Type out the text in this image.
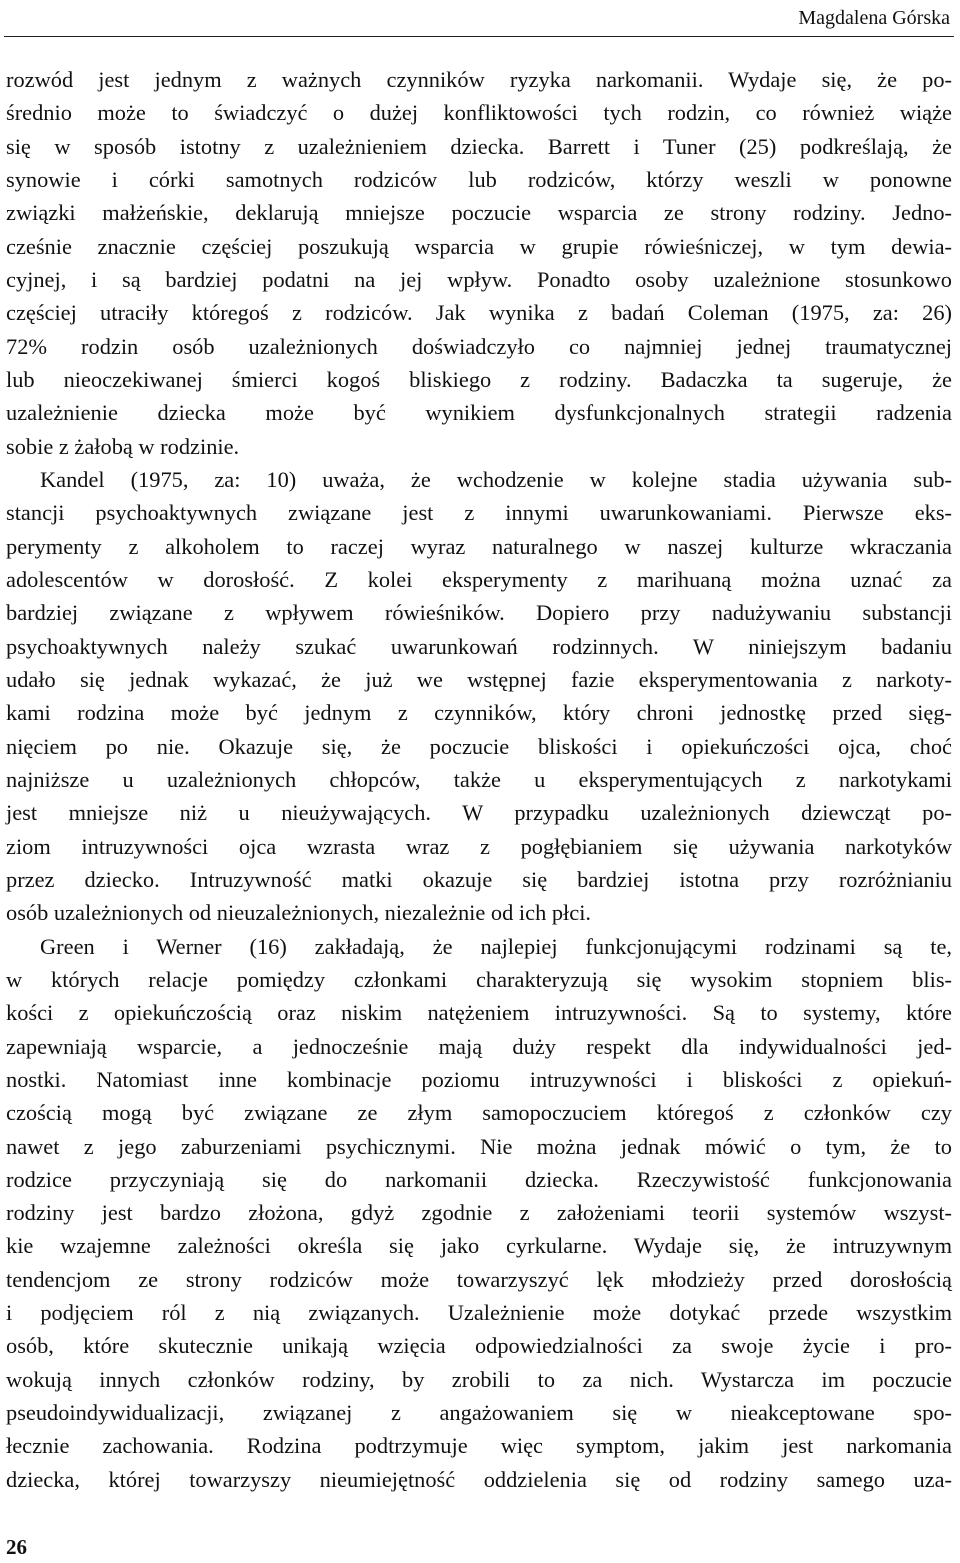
Magdalena Górska
rozwód jest jednym z ważnych czynników ryzyka narkomanii. Wydaje się, że po-
średnio może to świadczyć o dużej konfliktowości tych rodzin, co również wiąże
się w sposób istotny z uzależnieniem dziecka. Barrett i Tuner (25) podkreślają, że
synowie i córki samotnych rodziców lub rodziców, którzy weszli w ponowne
związki małżeńskie, deklarują mniejsze poczucie wsparcia ze strony rodziny. Jedno-
cześnie znacznie częściej poszukują wsparcia w grupie rówieśniczej, w tym dewia-
cyjnej, i są bardziej podatni na jej wpływ. Ponadto osoby uzależnione stosunkowo
częściej utraciły któregoś z rodziców. Jak wynika z badań Coleman (1975, za: 26)
72% rodzin osób uzależnionych doświadczyło co najmniej jednej traumatycznej
lub nieoczekiwanej śmierci kogoś bliskiego z rodziny. Badaczka ta sugeruje, że
uzależnienie dziecka może być wynikiem dysfunkcjonalnych strategii radzenia
sobie z żałobą w rodzinie.
Kandel (1975, za: 10) uważa, że wchodzenie w kolejne stadia używania sub-
stancji psychoaktywnych związane jest z innymi uwarunkowaniami. Pierwsze eks-
perymenty z alkoholem to raczej wyraz naturalnego w naszej kulturze wkraczania
adolescentów w dorosłość. Z kolei eksperymenty z marihuaną można uznać za
bardziej związane z wpływem rówieśników. Dopiero przy nadużywaniu substancji
psychoaktywnych należy szukać uwarunkowań rodzinnych. W niniejszym badaniu
udało się jednak wykazać, że już we wstępnej fazie eksperymentowania z narkoty-
kami rodzina może być jednym z czynników, który chroni jednostkę przed sięg-
nięciem po nie. Okazuje się, że poczucie bliskości i opiekuńczości ojca, choć
najniższe u uzależnionych chłopców, także u eksperymentujących z narkotykami
jest mniejsze niż u nieużywających. W przypadku uzależnionych dziewcząt po-
ziom intruzywności ojca wzrasta wraz z pogłębianiem się używania narkotyków
przez dziecko. Intruzywność matki okazuje się bardziej istotna przy rozróżnianiu
osób uzależnionych od nieuzależnionych, niezależnie od ich płci.
Green i Werner (16) zakładają, że najlepiej funkcjonującymi rodzinami są te,
w których relacje pomiędzy członkami charakteryzują się wysokim stopniem blis-
kości z opiekuńczością oraz niskim natężeniem intruzywności. Są to systemy, które
zapewniają wsparcie, a jednocześnie mają duży respekt dla indywidualności jed-
nostki. Natomiast inne kombinacje poziomu intruzywności i bliskości z opiekuń-
czością mogą być związane ze złym samopoczuciem któregoś z członków czy
nawet z jego zaburzeniami psychicznymi. Nie można jednak mówić o tym, że to
rodzice przyczyniają się do narkomanii dziecka. Rzeczywistość funkcjonowania
rodziny jest bardzo złożona, gdyż zgodnie z założeniami teorii systemów wszyst-
kie wzajemne zależności określa się jako cyrkularne. Wydaje się, że intruzywnym
tendencjom ze strony rodziców może towarzyszyć lęk młodzieży przed dorosłością
i podjęciem ról z nią związanych. Uzależnienie może dotykać przede wszystkim
osób, które skutecznie unikają wzięcia odpowiedzialności za swoje życie i pro-
wokują innych członków rodziny, by zrobili to za nich. Wystarcza im poczucie
pseudoindywidualizacji, związanej z angażowaniem się w nieakceptowane spo-
łecznie zachowania. Rodzina podtrzymuje więc symptom, jakim jest narkomania
dziecka, której towarzyszy nieumiejętność oddzielenia się od rodziny samego uza-
26
